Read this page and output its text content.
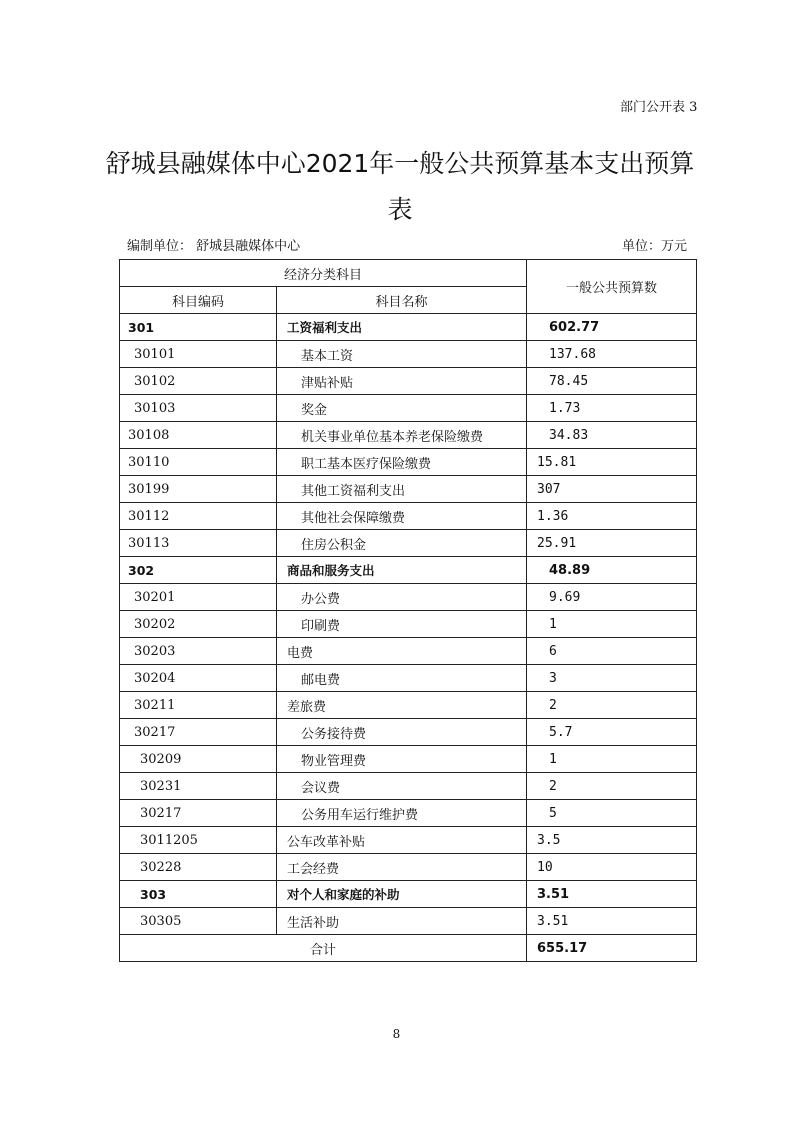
部门公开表 3
舒城县融媒体中心2021年一般公共预算基本支出预算
表
编制单位： 舒城县融媒体中心	单位：万元
经济分类科目		一般公共预算数
科目编码	科目名称	
301	工资福利支出	602.77
30101	基本工资	137.68
30102	津贴补贴	78.45
30103	奖金	1.73
30108	机关事业单位基本养老保险缴费	34.83
30110	职工基本医疗保险缴费	15.81
30199	其他工资福利支出	307
30112	其他社会保障缴费	1.36
30113	住房公积金	25.91
302	商品和服务支出	48.89
30201	办公费	9.69
30202	印刷费	1
30203	电费	6
30204	邮电费	3
30211	差旅费	2
30217	公务接待费	5.7
30209	物业管理费	1
30231	会议费	2
30217	公务用车运行维护费	5
3011205	公车改革补贴	3.5
30228	工会经费	10
303	对个人和家庭的补助	3.51
30305	生活补助	3.51
合计		655.17
8
